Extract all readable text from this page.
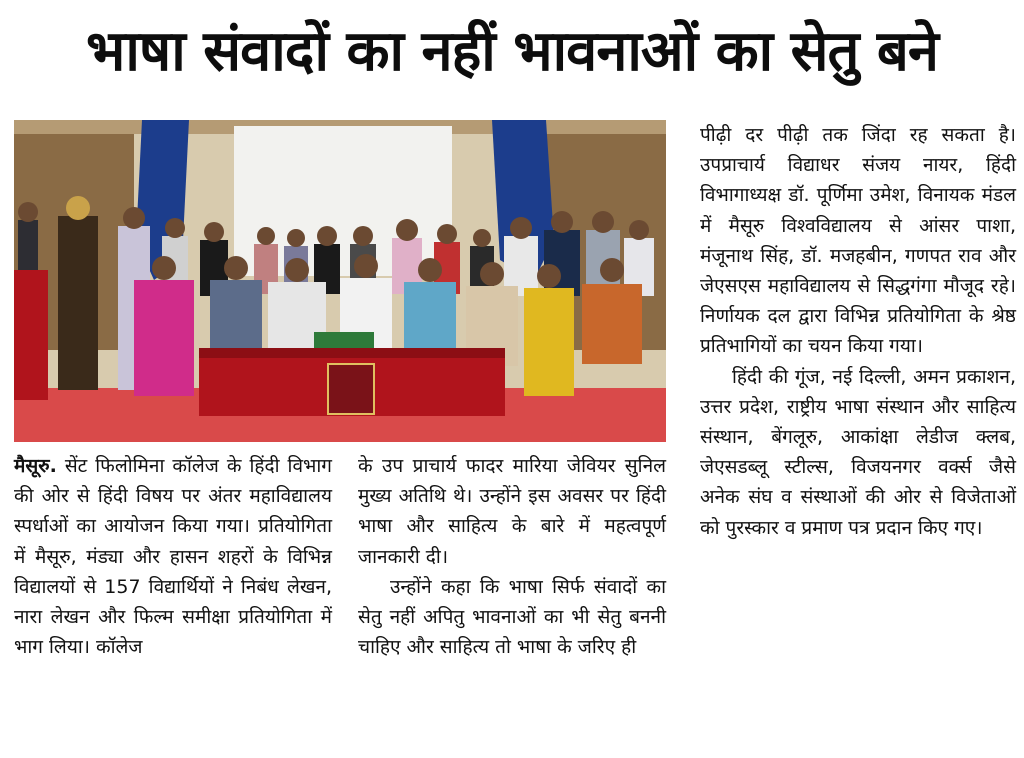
भाषा संवादों का नहीं भावनाओं का सेतु बने

मैसूरु. सेंट फिलोमिना कॉलेज के हिंदी विभाग की ओर से हिंदी विषय पर अंतर महाविद्यालय स्पर्धाओं का आयोजन किया गया। प्रतियोगिता में मैसूरु, मंड्या और हासन शहरों के विभिन्न विद्यालयों से 157 विद्यार्थियों ने निबंध लेखन, नारा लेखन और फिल्म समीक्षा प्रतियोगिता में भाग लिया। कॉलेज

के उप प्राचार्य फादर मारिया जेवियर सुनिल मुख्य अतिथि थे। उन्होंने इस अवसर पर हिंदी भाषा और साहित्य के बारे में महत्वपूर्ण जानकारी दी।

उन्होंने कहा कि भाषा सिर्फ संवादों का सेतु नहीं अपितु भावनाओं का भी सेतु बननी चाहिए और साहित्य तो भाषा के जरिए ही

पीढ़ी दर पीढ़ी तक जिंदा रह सकता है। उपप्राचार्य विद्याधर संजय नायर, हिंदी विभागाध्यक्ष डॉ. पूर्णिमा उमेश, विनायक मंडल में मैसूरु विश्वविद्यालय से आंसर पाशा, मंजूनाथ सिंह, डॉ. मजहबीन, गणपत राव और जेएसएस महाविद्यालय से सिद्धगंगा मौजूद रहे। निर्णायक दल द्वारा विभिन्न प्रतियोगिता के श्रेष्ठ प्रतिभागियों का चयन किया गया।

हिंदी की गूंज, नई दिल्ली, अमन प्रकाशन, उत्तर प्रदेश, राष्ट्रीय भाषा संस्थान और साहित्य संस्थान, बेंगलूरु, आकांक्षा लेडीज क्लब, जेएसडब्लू स्टील्स, विजयनगर वर्क्स जैसे अनेक संघ व संस्थाओं की ओर से विजेताओं को पुरस्कार व प्रमाण पत्र प्रदान किए गए।
